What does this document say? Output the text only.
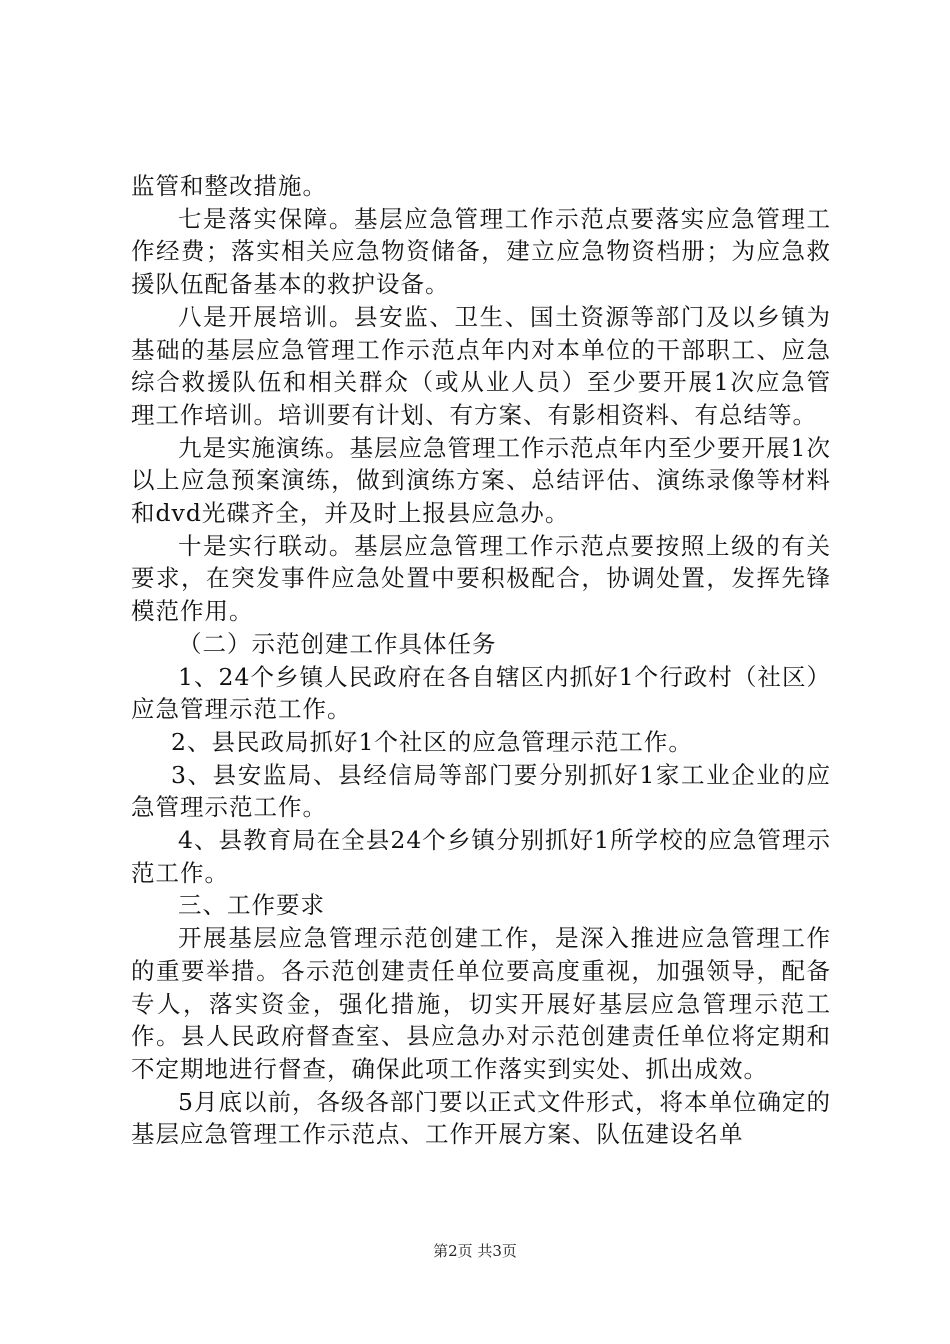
监管和整改措施。

七是落实保障。基层应急管理工作示范点要落实应急管理工作经费；落实相关应急物资储备，建立应急物资档册；为应急救援队伍配备基本的救护设备。

八是开展培训。县安监、卫生、国土资源等部门及以乡镇为基础的基层应急管理工作示范点年内对本单位的干部职工、应急综合救援队伍和相关群众（或从业人员）至少要开展1次应急管理工作培训。培训要有计划、有方案、有影相资料、有总结等。

九是实施演练。基层应急管理工作示范点年内至少要开展1次以上应急预案演练，做到演练方案、总结评估、演练录像等材料和dvd光碟齐全，并及时上报县应急办。

十是实行联动。基层应急管理工作示范点要按照上级的有关要求，在突发事件应急处置中要积极配合，协调处置，发挥先锋模范作用。

（二）示范创建工作具体任务

1、24个乡镇人民政府在各自辖区内抓好1个行政村（社区）应急管理示范工作。

2、县民政局抓好1个社区的应急管理示范工作。

3、县安监局、县经信局等部门要分别抓好1家工业企业的应急管理示范工作。

4、县教育局在全县24个乡镇分别抓好1所学校的应急管理示范工作。

三、工作要求

开展基层应急管理示范创建工作，是深入推进应急管理工作的重要举措。各示范创建责任单位要高度重视，加强领导，配备专人，落实资金，强化措施，切实开展好基层应急管理示范工作。县人民政府督查室、县应急办对示范创建责任单位将定期和不定期地进行督查，确保此项工作落实到实处、抓出成效。

5月底以前，各级各部门要以正式文件形式，将本单位确定的基层应急管理工作示范点、工作开展方案、队伍建设名单

第2页 共3页
